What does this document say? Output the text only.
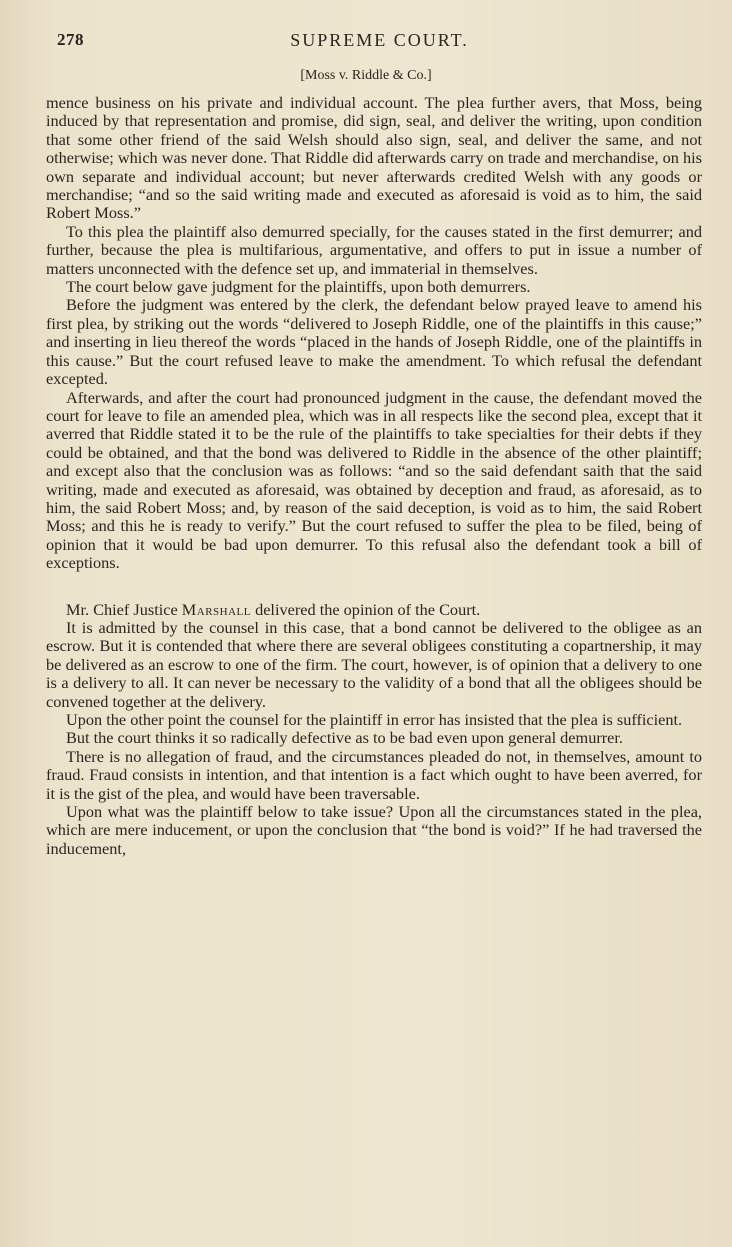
278	SUPREME COURT.
[Moss v. Riddle & Co.]

mence business on his private and individual account. The plea further avers, that Moss, being induced by that representation and promise, did sign, seal, and deliver the writing, upon condition that some other friend of the said Welsh should also sign, seal, and deliver the same, and not otherwise; which was never done. That Riddle did afterwards carry on trade and merchandise, on his own separate and individual account; but never afterwards credited Welsh with any goods or merchandise; “and so the said writing made and executed as aforesaid is void as to him, the said Robert Moss.”

To this plea the plaintiff also demurred specially, for the causes stated in the first demurrer; and further, because the plea is multifarious, argumentative, and offers to put in issue a number of matters unconnected with the defence set up, and immaterial in themselves.

The court below gave judgment for the plaintiffs, upon both demurrers.

Before the judgment was entered by the clerk, the defendant below prayed leave to amend his first plea, by striking out the words “delivered to Joseph Riddle, one of the plaintiffs in this cause;” and inserting in lieu thereof the words “placed in the hands of Joseph Riddle, one of the plaintiffs in this cause.” But the court refused leave to make the amendment. To which refusal the defendant excepted.

Afterwards, and after the court had pronounced judgment in the cause, the defendant moved the court for leave to file an amended plea, which was in all respects like the second plea, except that it averred that Riddle stated it to be the rule of the plaintiffs to take specialties for their debts if they could be obtained, and that the bond was delivered to Riddle in the absence of the other plaintiff; and except also that the conclusion was as follows: “and so the said defendant saith that the said writing, made and executed as aforesaid, was obtained by deception and fraud, as aforesaid, as to him, the said Robert Moss; and, by reason of the said deception, is void as to him, the said Robert Moss; and this he is ready to verify.” But the court refused to suffer the plea to be filed, being of opinion that it would be bad upon demurrer. To this refusal also the defendant took a bill of exceptions.

Mr. Chief Justice Marshall delivered the opinion of the Court.

It is admitted by the counsel in this case, that a bond cannot be delivered to the obligee as an escrow. But it is contended that where there are several obligees constituting a copartnership, it may be delivered as an escrow to one of the firm. The court, however, is of opinion that a delivery to one is a delivery to all. It can never be necessary to the validity of a bond that all the obligees should be convened together at the delivery.

Upon the other point the counsel for the plaintiff in error has insisted that the plea is sufficient.

But the court thinks it so radically defective as to be bad even upon general demurrer.

There is no allegation of fraud, and the circumstances pleaded do not, in themselves, amount to fraud. Fraud consists in intention, and that intention is a fact which ought to have been averred, for it is the gist of the plea, and would have been traversable.

Upon what was the plaintiff below to take issue? Upon all the circumstances stated in the plea, which are mere inducement, or upon the conclusion that “the bond is void?” If he had traversed the inducement,
